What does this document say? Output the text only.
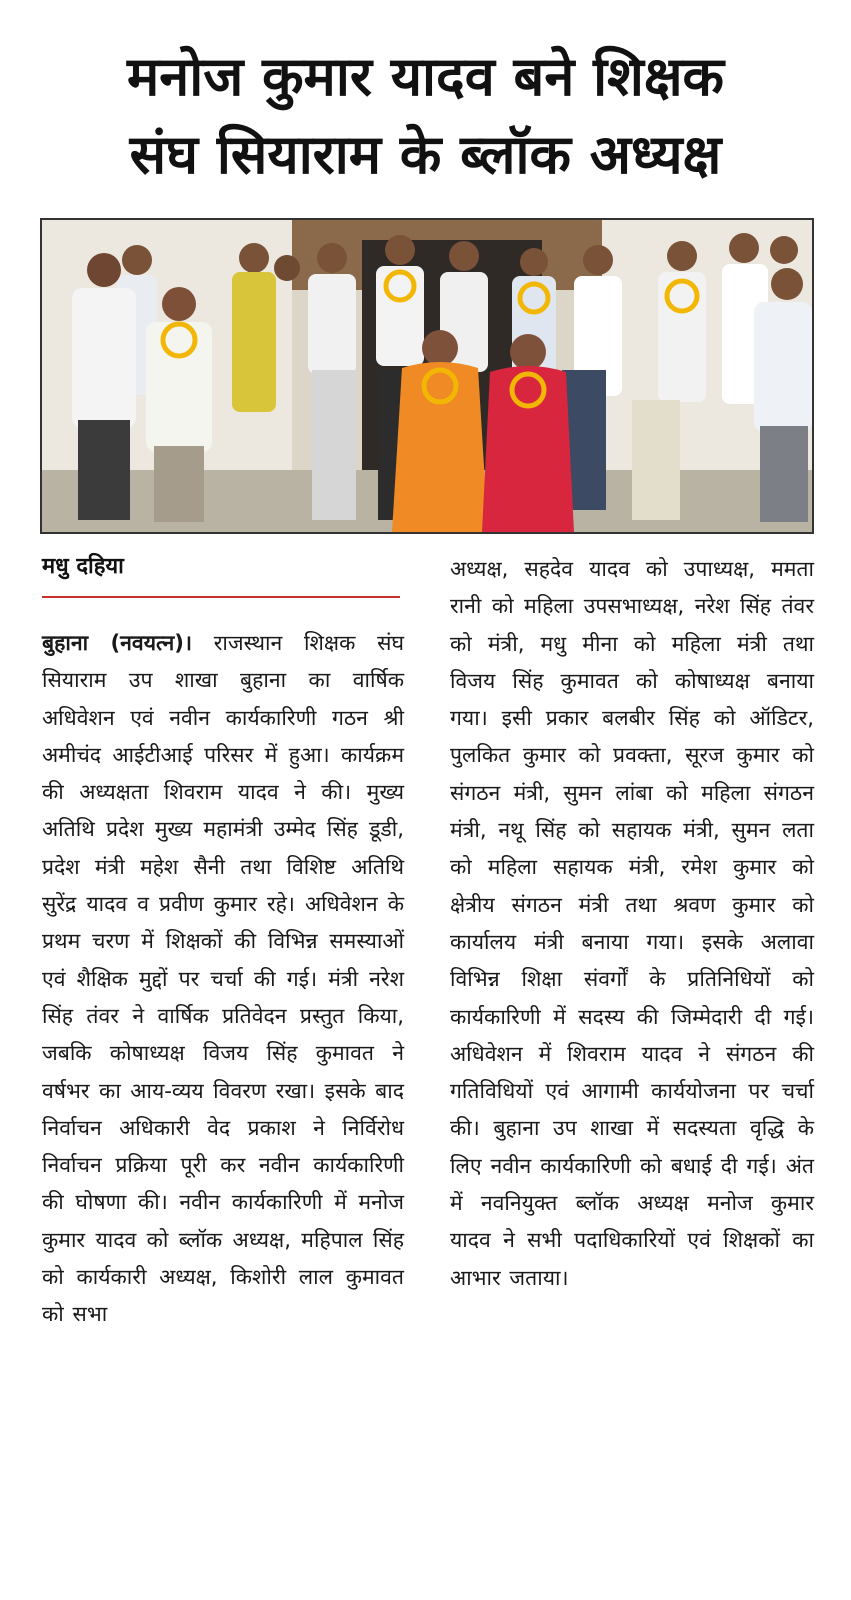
मनोज कुमार यादव बने शिक्षक
संघ सियाराम के ब्लॉक अध्यक्ष
मधु दहिया
बुहाना (नवयत्न)। राजस्थान शिक्षक संघ सियाराम उप शाखा बुहाना का वार्षिक अधिवेशन एवं नवीन कार्यकारिणी गठन श्री अमीचंद आईटीआई परिसर में हुआ। कार्यक्रम की अध्यक्षता शिवराम यादव ने की। मुख्य अतिथि प्रदेश मुख्य महामंत्री उम्मेद सिंह डूडी, प्रदेश मंत्री महेश सैनी तथा विशिष्ट अतिथि सुरेंद्र यादव व प्रवीण कुमार रहे। अधिवेशन के प्रथम चरण में शिक्षकों की विभिन्न समस्याओं एवं शैक्षिक मुद्दों पर चर्चा की गई। मंत्री नरेश सिंह तंवर ने वार्षिक प्रतिवेदन प्रस्तुत किया, जबकि कोषाध्यक्ष विजय सिंह कुमावत ने वर्षभर का आय-व्यय विवरण रखा। इसके बाद निर्वाचन अधिकारी वेद प्रकाश ने निर्विरोध निर्वाचन प्रक्रिया पूरी कर नवीन कार्यकारिणी की घोषणा की। नवीन कार्यकारिणी में मनोज कुमार यादव को ब्लॉक अध्यक्ष, महिपाल सिंह को कार्यकारी अध्यक्ष, किशोरी लाल कुमावत को सभा
अध्यक्ष, सहदेव यादव को उपाध्यक्ष, ममता रानी को महिला उपसभाध्यक्ष, नरेश सिंह तंवर को मंत्री, मधु मीना को महिला मंत्री तथा विजय सिंह कुमावत को कोषाध्यक्ष बनाया गया। इसी प्रकार बलबीर सिंह को ऑडिटर, पुलकित कुमार को प्रवक्ता, सूरज कुमार को संगठन मंत्री, सुमन लांबा को महिला संगठन मंत्री, नथू सिंह को सहायक मंत्री, सुमन लता को महिला सहायक मंत्री, रमेश कुमार को क्षेत्रीय संगठन मंत्री तथा श्रवण कुमार को कार्यालय मंत्री बनाया गया। इसके अलावा विभिन्न शिक्षा संवर्गों के प्रतिनिधियों को कार्यकारिणी में सदस्य की जिम्मेदारी दी गई। अधिवेशन में शिवराम यादव ने संगठन की गतिविधियों एवं आगामी कार्ययोजना पर चर्चा की। बुहाना उप शाखा में सदस्यता वृद्धि के लिए नवीन कार्यकारिणी को बधाई दी गई। अंत में नवनियुक्त ब्लॉक अध्यक्ष मनोज कुमार यादव ने सभी पदाधिकारियों एवं शिक्षकों का आभार जताया।
